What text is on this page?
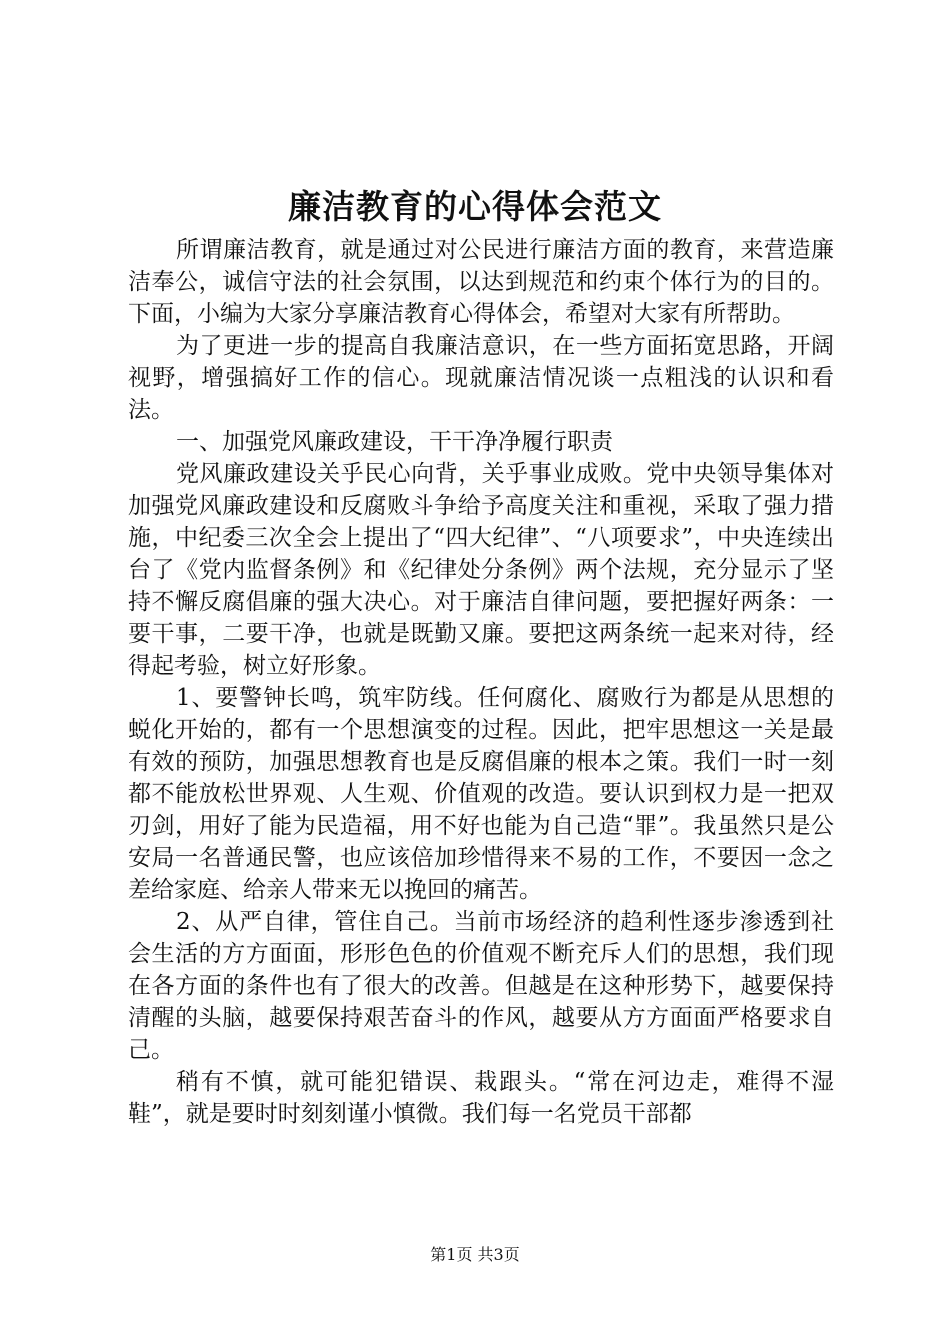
廉洁教育的心得体会范文

所谓廉洁教育，就是通过对公民进行廉洁方面的教育，来营造廉洁奉公，诚信守法的社会氛围，以达到规范和约束个体行为的目的。下面，小编为大家分享廉洁教育心得体会，希望对大家有所帮助。

为了更进一步的提高自我廉洁意识，在一些方面拓宽思路，开阔视野，增强搞好工作的信心。现就廉洁情况谈一点粗浅的认识和看法。

一、加强党风廉政建设，干干净净履行职责

党风廉政建设关乎民心向背，关乎事业成败。党中央领导集体对加强党风廉政建设和反腐败斗争给予高度关注和重视，采取了强力措施，中纪委三次全会上提出了“四大纪律”、“八项要求”，中央连续出台了《党内监督条例》和《纪律处分条例》两个法规，充分显示了坚持不懈反腐倡廉的强大决心。对于廉洁自律问题，要把握好两条：一要干事，二要干净，也就是既勤又廉。要把这两条统一起来对待，经得起考验，树立好形象。

1、要警钟长鸣，筑牢防线。任何腐化、腐败行为都是从思想的蜕化开始的，都有一个思想演变的过程。因此，把牢思想这一关是最有效的预防，加强思想教育也是反腐倡廉的根本之策。我们一时一刻都不能放松世界观、人生观、价值观的改造。要认识到权力是一把双刃剑，用好了能为民造福，用不好也能为自己造“罪”。我虽然只是公安局一名普通民警，也应该倍加珍惜得来不易的工作，不要因一念之差给家庭、给亲人带来无以挽回的痛苦。

2、从严自律，管住自己。当前市场经济的趋利性逐步渗透到社会生活的方方面面，形形色色的价值观不断充斥人们的思想，我们现在各方面的条件也有了很大的改善。但越是在这种形势下，越要保持清醒的头脑，越要保持艰苦奋斗的作风，越要从方方面面严格要求自己。

稍有不慎，就可能犯错误、栽跟头。“常在河边走，难得不湿鞋”，就是要时时刻刻谨小慎微。我们每一名党员干部都

第1页 共3页
